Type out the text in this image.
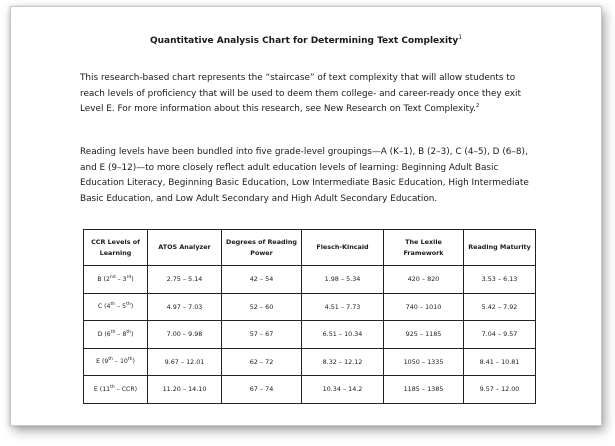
Quantitative Analysis Chart for Determining Text Complexity$^1$
This research-based chart represents the “staircase” of text complexity that will allow students to reach levels of proficiency that will be used to deem them college- and career-ready once they exit Level E. For more information about this research, see New Research on Text Complexity.$^2$
Reading levels have been bundled into five grade-level groupings—A (K–1), B (2–3), C (4–5), D (6–8), and E (9–12)—to more closely reflect adult education levels of learning: Beginning Adult Basic Education Literacy, Beginning Basic Education, Low Intermediate Basic Education, High Intermediate Basic Education, and Low Adult Secondary and High Adult Secondary Education.
CCR Levels of Learning	ATOS Analyzer	Degrees of Reading Power	Flesch-Kincaid	The Lexile Framework	Reading Maturity
B (2nd – 3rd)	2.75 – 5.14	42 – 54	1.98 – 5.34	420 – 820	3.53 – 6.13
C (4th – 5th)	4.97 – 7.03	52 – 60	4.51 – 7.73	740 – 1010	5.42 – 7.92
D (6th – 8th)	7.00 – 9.98	57 – 67	6.51 – 10.34	925 – 1185	7.04 – 9.57
E (9th – 10th)	9.67 – 12.01	62 – 72	8.32 – 12.12	1050 – 1335	8.41 – 10.81
E (11th – CCR)	11.20 – 14.10	67 – 74	10.34 – 14.2	1185 – 1385	9.57 – 12.00
